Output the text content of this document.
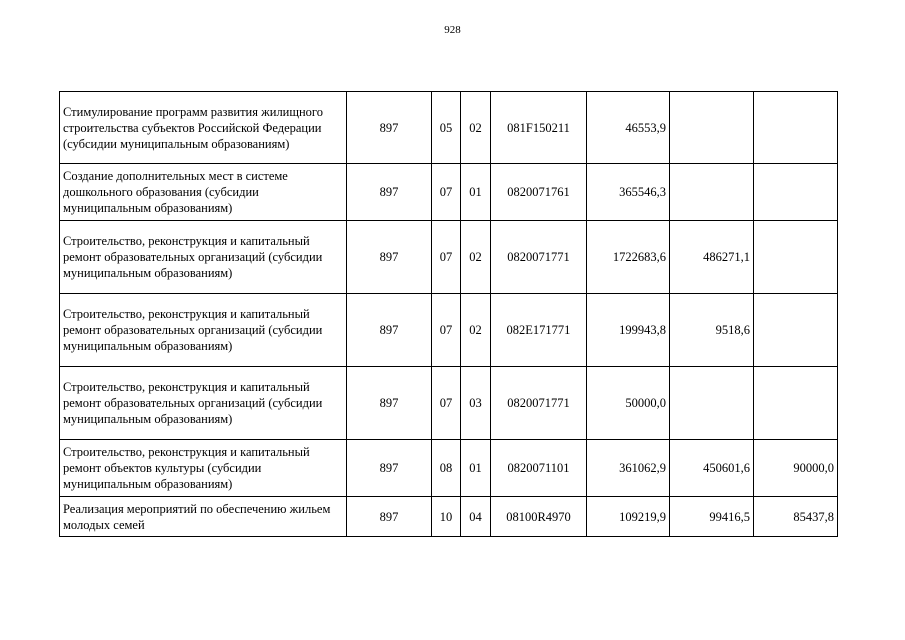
928
Стимулирование программ развития жилищного строительства субъектов Российской Федерации (субсидии муниципальным образованиям)	897	05	02	081F150211	46553,9		
Создание дополнительных мест в системе дошкольного образования (субсидии муниципальным образованиям)	897	07	01	0820071761	365546,3		
Строительство, реконструкция и капитальный ремонт образовательных организаций (субсидии муниципальным образованиям)	897	07	02	0820071771	1722683,6	486271,1	
Строительство, реконструкция и капитальный ремонт образовательных организаций (субсидии муниципальным образованиям)	897	07	02	082E171771	199943,8	9518,6	
Строительство, реконструкция и капитальный ремонт образовательных организаций (субсидии муниципальным образованиям)	897	07	03	0820071771	50000,0		
Строительство, реконструкция и капитальный ремонт объектов культуры (субсидии муниципальным образованиям)	897	08	01	0820071101	361062,9	450601,6	90000,0
Реализация мероприятий по обеспечению жильем молодых семей	897	10	04	08100R4970	109219,9	99416,5	85437,8
